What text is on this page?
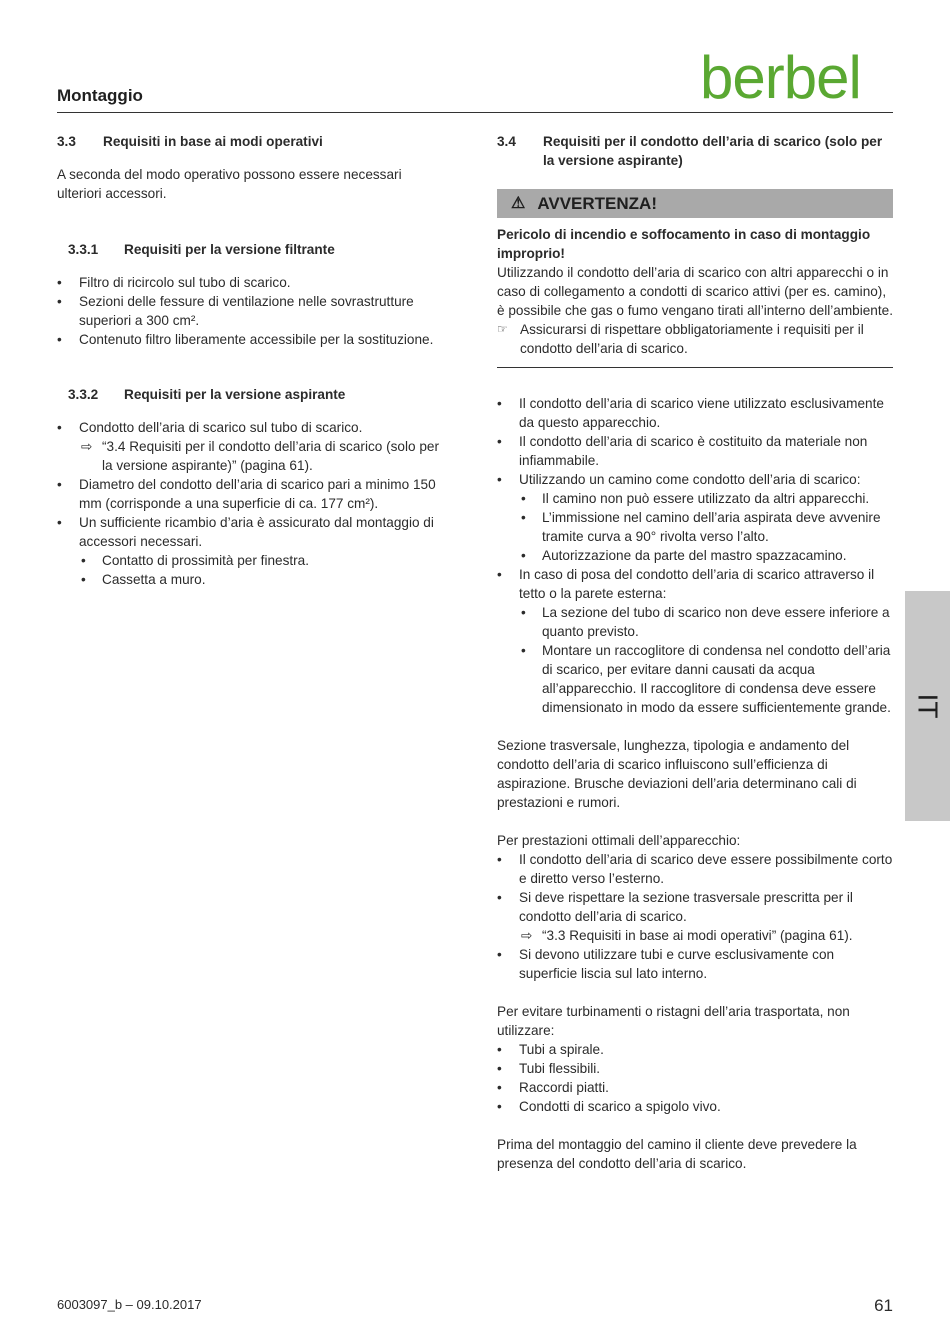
Montaggio	berbel
3.3	Requisiti in base ai modi operativi

A seconda del modo operativo possono essere necessari ulteriori accessori.

3.3.1	Requisiti per la versione filtrante
• Filtro di ricircolo sul tubo di scarico.
• Sezioni delle fessure di ventilazione nelle sovrastrutture superiori a 300 cm².
• Contenuto filtro liberamente accessibile per la sostituzione.
3.3.2	Requisiti per la versione aspirante
• Condotto dell’aria di scarico sul tubo di scarico.
⇨ “3.4 Requisiti per il condotto dell’aria di scarico (solo per la versione aspirante)” (pagina 61).
• Diametro del condotto dell’aria di scarico pari a minimo 150 mm (corrisponde a una superficie di ca. 177 cm²).
• Un sufficiente ricambio d’aria è assicurato dal montaggio di accessori necessari.
• Contatto di prossimità per finestra.
• Cassetta a muro.
3.4	Requisiti per il condotto dell’aria di scarico (solo per la versione aspirante)
⚠ AVVERTENZA!

Pericolo di incendio e soffocamento in caso di montaggio improprio!

Utilizzando il condotto dell’aria di scarico con altri apparecchi o in caso di collegamento a condotti di scarico attivi (per es. camino), è possibile che gas o fumo vengano tirati all’interno dell’ambiente.

☞ Assicurarsi di rispettare obbligatoriamente i requisiti per il condotto dell’aria di scarico.
• Il condotto dell’aria di scarico viene utilizzato esclusivamente da questo apparecchio.
• Il condotto dell’aria di scarico è costituito da materiale non infiammabile.
• Utilizzando un camino come condotto dell’aria di scarico:
• Il camino non può essere utilizzato da altri apparecchi.
• L’immissione nel camino dell’aria aspirata deve avvenire tramite curva a 90° rivolta verso l’alto.
• Autorizzazione da parte del mastro spazzacamino.
• In caso di posa del condotto dell’aria di scarico attraverso il tetto o la parete esterna:
• La sezione del tubo di scarico non deve essere inferiore a quanto previsto.
• Montare un raccoglitore di condensa nel condotto dell’aria di scarico, per evitare danni causati da acqua all’apparecchio. Il raccoglitore di condensa deve essere dimensionato in modo da essere sufficientemente grande.

Sezione trasversale, lunghezza, tipologia e andamento del condotto dell’aria di scarico influiscono sull’efficienza di aspirazione. Brusche deviazioni dell’aria determinano cali di prestazioni e rumori.

Per prestazioni ottimali dell’apparecchio:

• Il condotto dell’aria di scarico deve essere possibilmente corto e diretto verso l’esterno.
• Si deve rispettare la sezione trasversale prescritta per il condotto dell’aria di scarico.
⇨ “3.3 Requisiti in base ai modi operativi” (pagina 61).
• Si devono utilizzare tubi e curve esclusivamente con superficie liscia sul lato interno.

Per evitare turbinamenti o ristagni dell’aria trasportata, non utilizzare:

• Tubi a spirale.
• Tubi flessibili.
• Raccordi piatti.
• Condotti di scarico a spigolo vivo.

Prima del montaggio del camino il cliente deve prevedere la presenza del condotto dell’aria di scarico.

IT
6003097_b – 09.10.2017	61
